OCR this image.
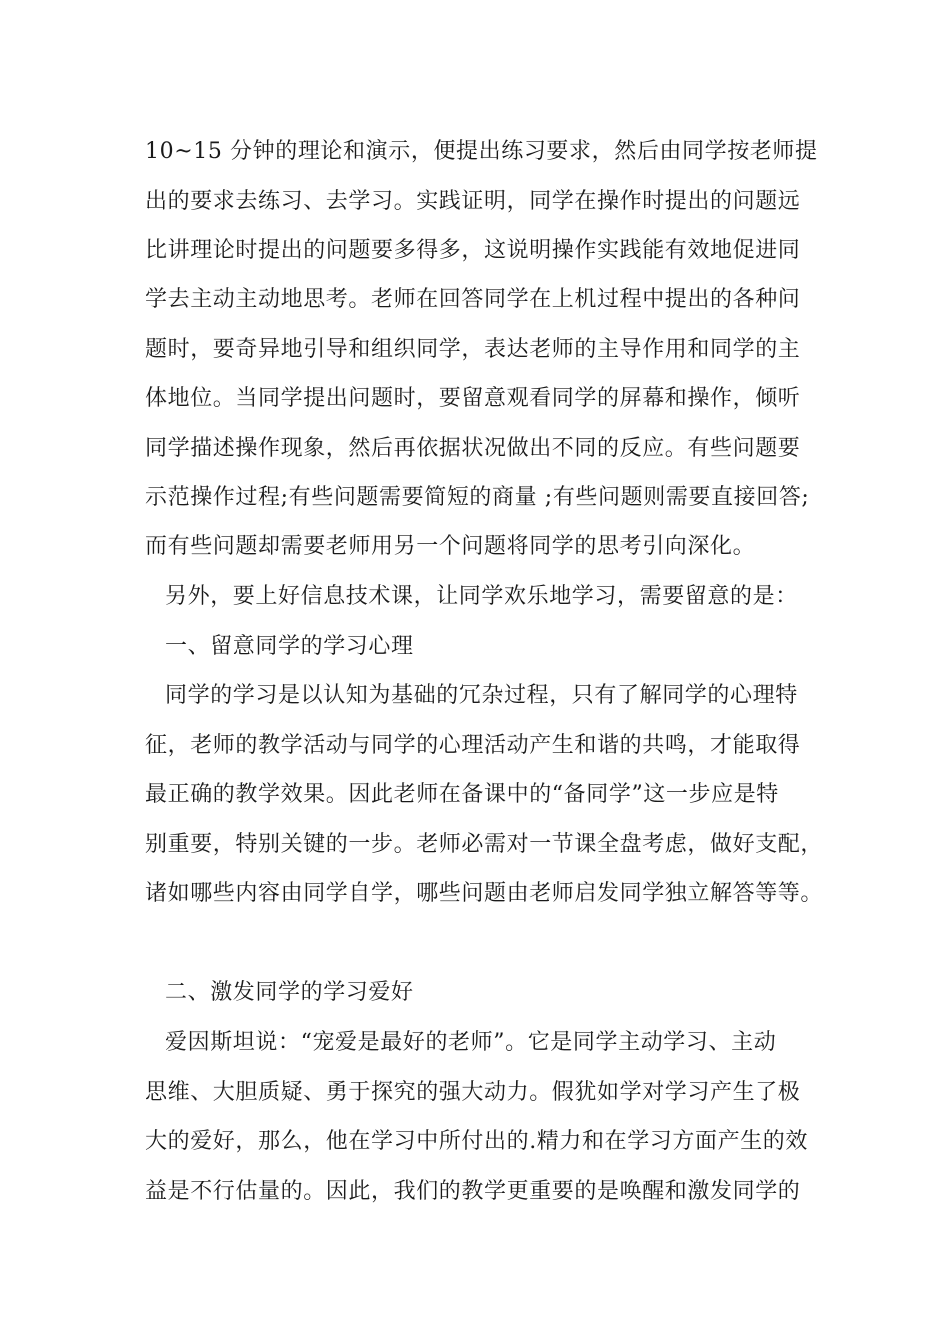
10~15 分钟的理论和演示，便提出练习要求，然后由同学按老师提
出的要求去练习、去学习。实践证明，同学在操作时提出的问题远
比讲理论时提出的问题要多得多，这说明操作实践能有效地促进同
学去主动主动地思考。老师在回答同学在上机过程中提出的各种问
题时，要奇异地引导和组织同学，表达老师的主导作用和同学的主
体地位。当同学提出问题时，要留意观看同学的屏幕和操作，倾听
同学描述操作现象，然后再依据状况做出不同的反应。有些问题要
示范操作过程;有些问题需要简短的商量 ;有些问题则需要直接回答;
而有些问题却需要老师用另一个问题将同学的思考引向深化。
另外，要上好信息技术课，让同学欢乐地学习，需要留意的是：
一、留意同学的学习心理
同学的学习是以认知为基础的冗杂过程，只有了解同学的心理特
征，老师的教学活动与同学的心理活动产生和谐的共鸣，才能取得
最正确的教学效果。因此老师在备课中的“备同学”这一步应是特
别重要，特别关键的一步。老师必需对一节课全盘考虑，做好支配，
诸如哪些内容由同学自学，哪些问题由老师启发同学独立解答等等。
二、激发同学的学习爱好
爱因斯坦说：“宠爱是最好的老师”。它是同学主动学习、主动
思维、大胆质疑、勇于探究的强大动力。假犹如学对学习产生了极
大的爱好，那么，他在学习中所付出的.精力和在学习方面产生的效
益是不行估量的。因此，我们的教学更重要的是唤醒和激发同学的
